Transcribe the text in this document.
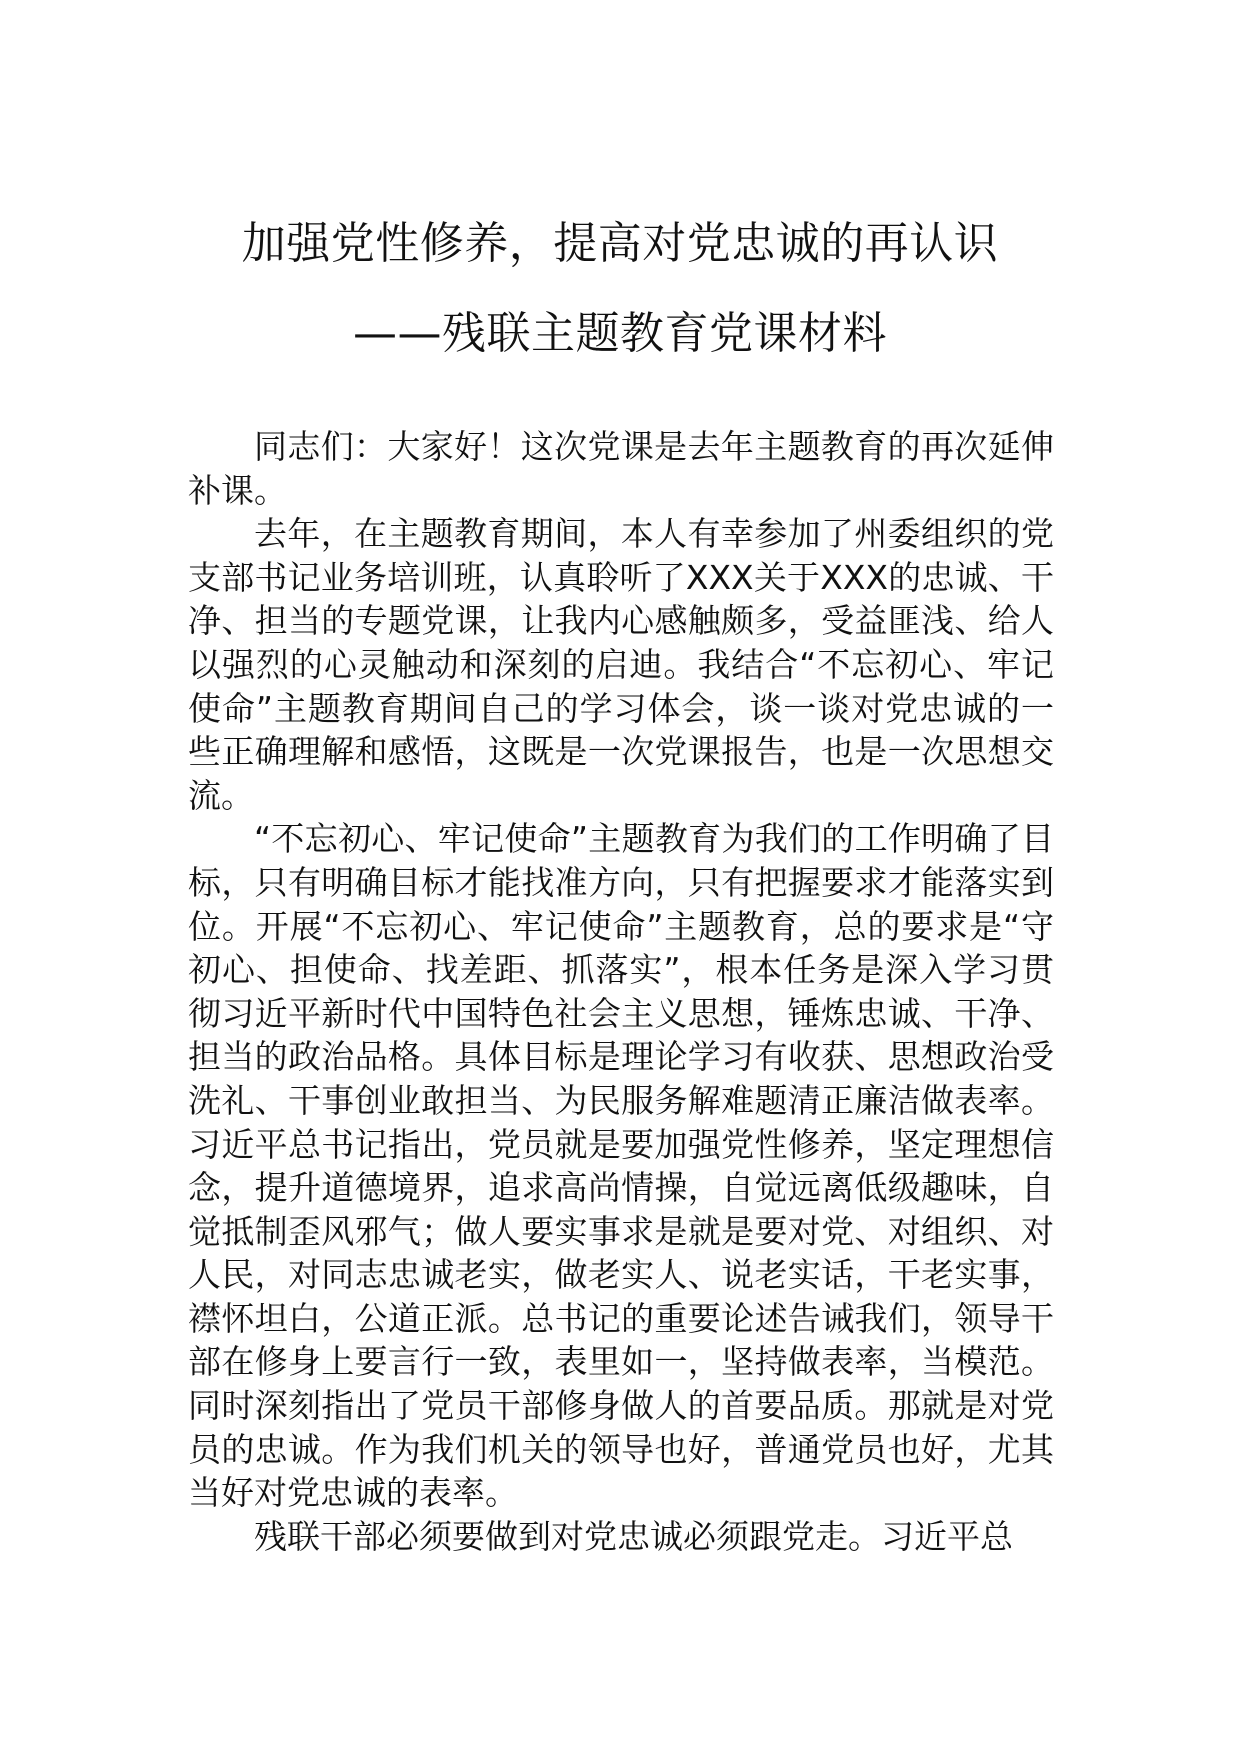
加强党性修养，提高对党忠诚的再认识
——残联主题教育党课材料

同志们：大家好！这次党课是去年主题教育的再次延伸补课。

去年，在主题教育期间，本人有幸参加了州委组织的党支部书记业务培训班，认真聆听了XXX关于XXX的忠诚、干净、担当的专题党课，让我内心感触颇多，受益匪浅、给人以强烈的心灵触动和深刻的启迪。我结合“不忘初心、牢记使命”主题教育期间自己的学习体会，谈一谈对党忠诚的一些正确理解和感悟，这既是一次党课报告，也是一次思想交流。

“不忘初心、牢记使命”主题教育为我们的工作明确了目标，只有明确目标才能找准方向，只有把握要求才能落实到位。开展“不忘初心、牢记使命”主题教育，总的要求是“守初心、担使命、找差距、抓落实”，根本任务是深入学习贯彻习近平新时代中国特色社会主义思想，锤炼忠诚、干净、担当的政治品格。具体目标是理论学习有收获、思想政治受洗礼、干事创业敢担当、为民服务解难题清正廉洁做表率。习近平总书记指出，党员就是要加强党性修养，坚定理想信念，提升道德境界，追求高尚情操，自觉远离低级趣味，自觉抵制歪风邪气；做人要实事求是就是要对党、对组织、对人民，对同志忠诚老实，做老实人、说老实话，干老实事，襟怀坦白，公道正派。总书记的重要论述告诫我们，领导干部在修身上要言行一致，表里如一，坚持做表率，当模范。同时深刻指出了党员干部修身做人的首要品质。那就是对党员的忠诚。作为我们机关的领导也好，普通党员也好，尤其当好对党忠诚的表率。

残联干部必须要做到对党忠诚必须跟党走。习近平总
